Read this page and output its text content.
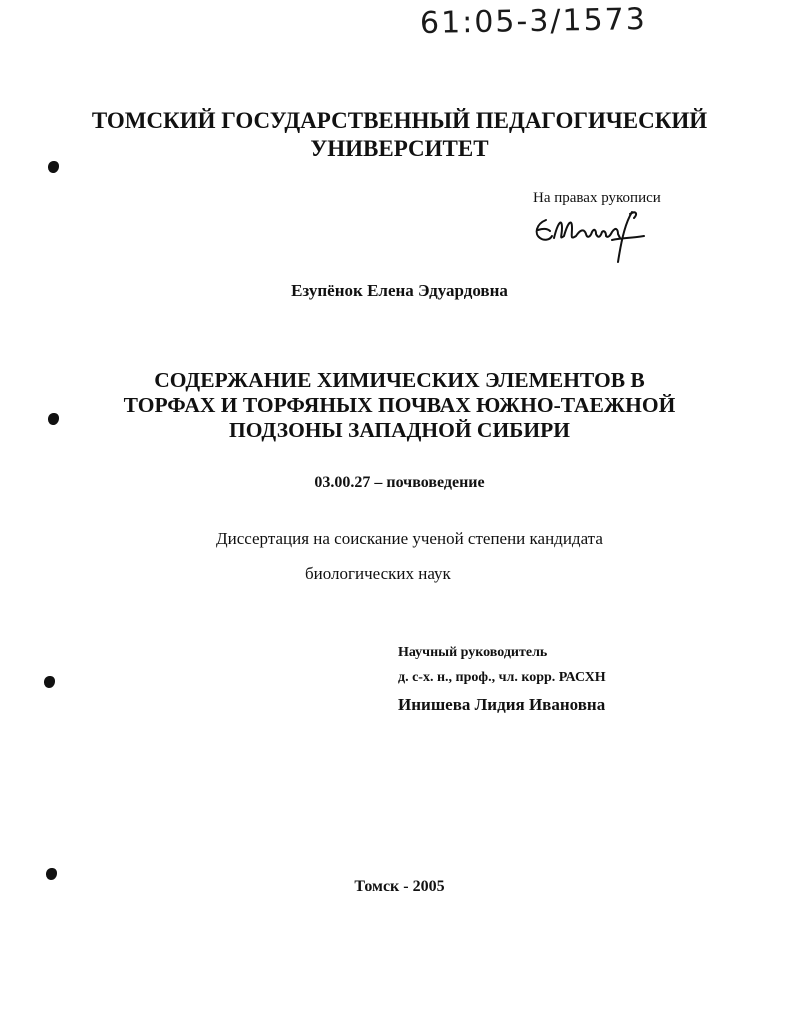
61:05-3/1573
ТОМСКИЙ ГОСУДАРСТВЕННЫЙ ПЕДАГОГИЧЕСКИЙ
УНИВЕРСИТЕТ
На правах рукописи
Езупёнок Елена Эдуардовна
СОДЕРЖАНИЕ ХИМИЧЕСКИХ ЭЛЕМЕНТОВ В
ТОРФАХ И ТОРФЯНЫХ ПОЧВАХ ЮЖНО-ТАЕЖНОЙ
ПОДЗОНЫ ЗАПАДНОЙ СИБИРИ
03.00.27 – почвоведение
Диссертация на соискание ученой степени кандидата
биологических наук
Научный руководитель
д. с-х. н., проф., чл. корр. РАСХН
Инишева Лидия Ивановна
Томск - 2005
